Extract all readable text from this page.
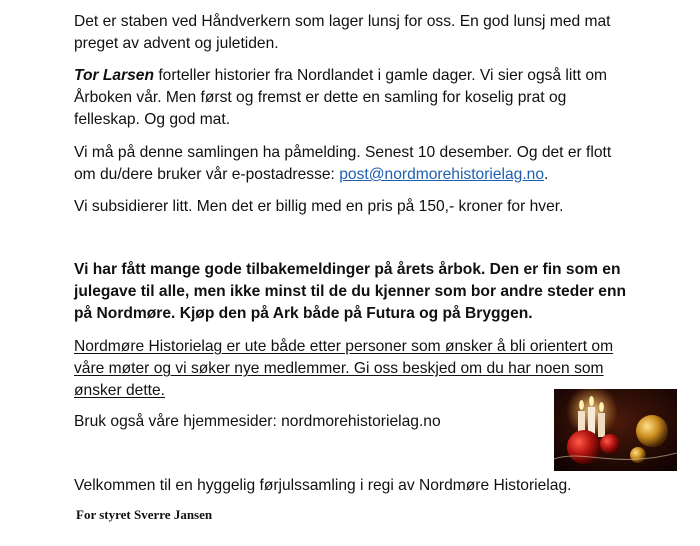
Det er staben ved Håndverkern som lager lunsj for oss. En god lunsj med mat preget av advent og juletiden.

Tor Larsen forteller historier fra Nordlandet i gamle dager. Vi sier også litt om Årboken vår. Men først og fremst er dette en samling for koselig prat og felleskap. Og god mat.

Vi må på denne samlingen ha påmelding. Senest 10 desember. Og det er flott om du/dere bruker vår e-postadresse: post@nordmorehistorielag.no.

Vi subsidierer litt. Men det er billig med en pris på 150,- kroner for hver.

Vi har fått mange gode tilbakemeldinger på årets årbok. Den er fin som en julegave til alle, men ikke minst til de du kjenner som bor andre steder enn på Nordmøre. Kjøp den på Ark både på Futura og på Bryggen.

Nordmøre Historielag er ute både etter personer som ønsker å bli orientert om våre møter og vi søker nye medlemmer. Gi oss beskjed om du har noen som ønsker dette.

Bruk også våre hjemmesider: nordmorehistorielag.no

Velkommen til en hyggelig førjulssamling i regi av Nordmøre Historielag.

For styret Sverre Jansen
